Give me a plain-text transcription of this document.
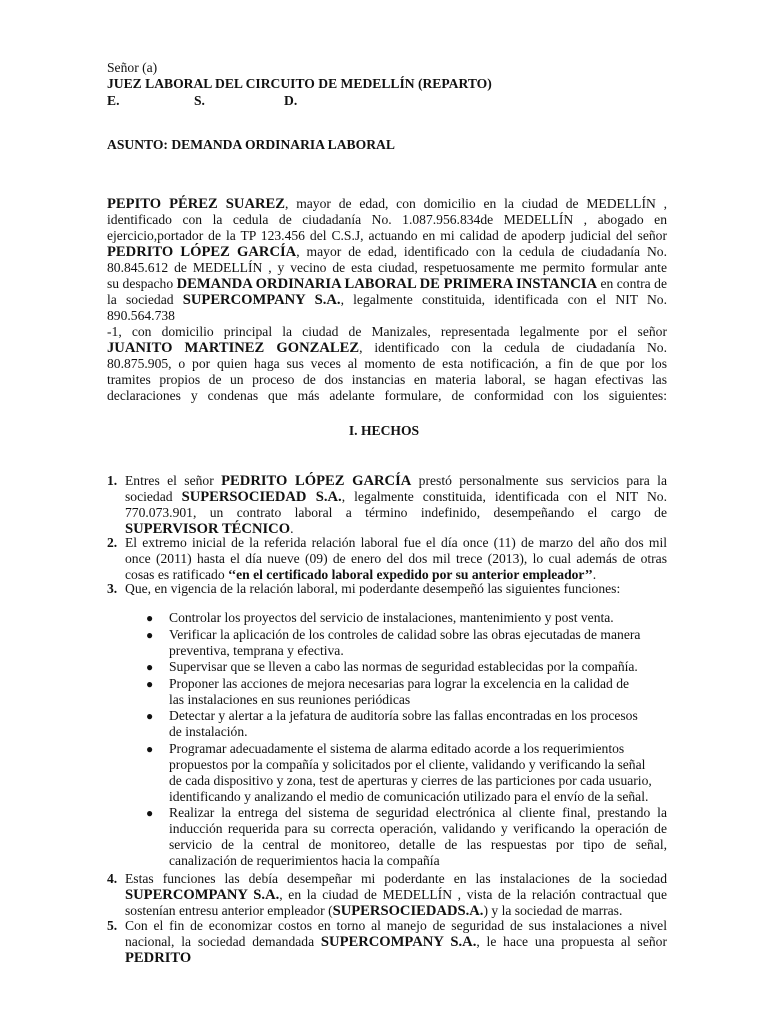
Señor (a)
JUEZ LABORAL DEL CIRCUITO DE MEDELLÍN (REPARTO)
E.	S.	D.
ASUNTO: DEMANDA ORDINARIA LABORAL
PEPITO PÉREZ SUAREZ, mayor de edad, con domicilio en la ciudad de MEDELLÍN ,
identificado con la cedula de ciudadanía No. 1.087.956.834de MEDELLÍN , abogado en
ejercicio,portador de la TP 123.456 del C.S.J, actuando en mi calidad de apoderp judicial del señor
PEDRITO LÓPEZ GARCÍA, mayor de edad, identificado con la cedula de ciudadanía No.
80.845.612 de MEDELLÍN , y vecino de esta ciudad, respetuosamente me permito formular ante
su despacho DEMANDA ORDINARIA LABORAL DE PRIMERA INSTANCIA en contra de
la sociedad SUPERCOMPANY S.A., legalmente constituida, identificada con el NIT No.
890.564.738
-1, con domicilio principal la ciudad de Manizales, representada legalmente por el señor
JUANITO MARTINEZ GONZALEZ, identificado con la cedula de ciudadanía No.
80.875.905, o por quien haga sus veces al momento de esta notificación, a fin de que por los
tramites propios de un proceso de dos instancias en materia laboral, se hagan efectivas las
declaraciones y condenas que más adelante formulare, de conformidad con los siguientes:
I. HECHOS
1. Entres el señor PEDRITO LÓPEZ GARCÍA prestó personalmente sus servicios para la
sociedad SUPERSOCIEDAD S.A., legalmente constituida, identificada con el NIT No.
770.073.901, un contrato laboral a término indefinido, desempeñando el cargo de
SUPERVISOR TÉCNICO.
2. El extremo inicial de la referida relación laboral fue el día once (11) de marzo del año dos mil
once (2011) hasta el día nueve (09) de enero del dos mil trece (2013), lo cual además de otras
cosas es ratificado ‘‘en el certificado laboral expedido por su anterior empleador’’.
3. Que, en vigencia de la relación laboral, mi poderdante desempeñó las siguientes funciones:
● Controlar los proyectos del servicio de instalaciones, mantenimiento y post venta.
● Verificar la aplicación de los controles de calidad sobre las obras ejecutadas de manera
preventiva, temprana y efectiva.
● Supervisar que se lleven a cabo las normas de seguridad establecidas por la compañía.
● Proponer las acciones de mejora necesarias para lograr la excelencia en la calidad de
las instalaciones en sus reuniones periódicas
● Detectar y alertar a la jefatura de auditoría sobre las fallas encontradas en los procesos
de instalación.
● Programar adecuadamente el sistema de alarma editado acorde a los requerimientos
propuestos por la compañía y solicitados por el cliente, validando y verificando la señal
de cada dispositivo y zona, test de aperturas y cierres de las particiones por cada usuario,
identificando y analizando el medio de comunicación utilizado para el envío de la señal.
● Realizar la entrega del sistema de seguridad electrónica al cliente final, prestando la
inducción requerida para su correcta operación, validando y verificando la operación de
servicio de la central de monitoreo, detalle de las respuestas por tipo de señal,
canalización de requerimientos hacia la compañía
4. Estas funciones las debía desempeñar mi poderdante en las instalaciones de la sociedad
SUPERCOMPANY S.A., en la ciudad de MEDELLÍN , vista de la relación contractual que
sostenían entresu anterior empleador (SUPERSOCIEDADS.A.) y la sociedad de marras.
5. Con el fin de economizar costos en torno al manejo de seguridad de sus instalaciones a nivel
nacional, la sociedad demandada SUPERCOMPANY S.A., le hace una propuesta al señor
PEDRITO
